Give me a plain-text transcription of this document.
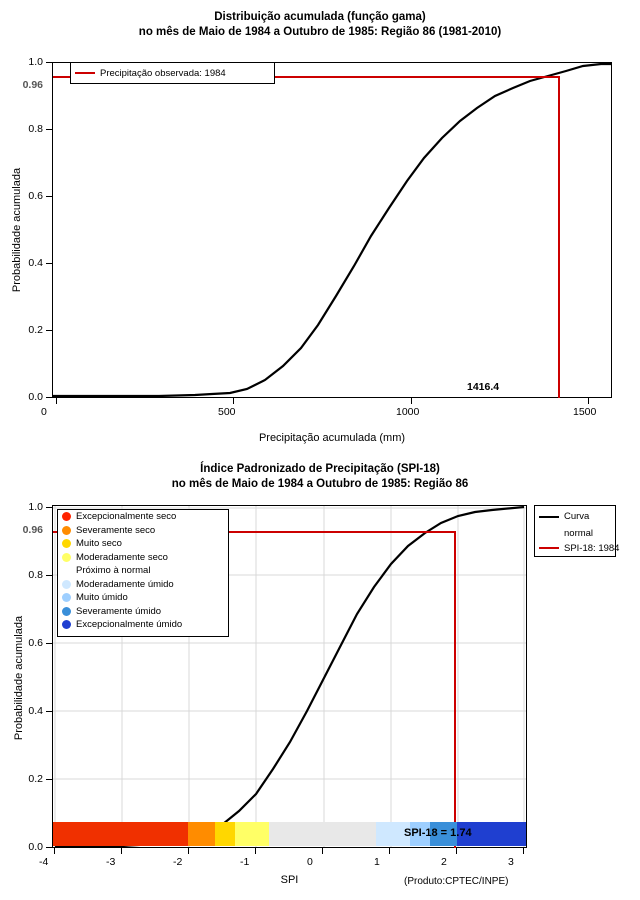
Distribuição acumulada (função gama)
no mês de Maio de 1984 a Outubro de 1985: Região 86 (1981-2010)
0.0
0.2
0.4
0.6
0.8
1.0
0.96
0	500	1000	1500
1416.4
Precipitação observada: 1984
Precipitação acumulada (mm)
Probabilidade acumulada
Índice Padronizado de Precipitação (SPI-18)
no mês de Maio de 1984 a Outubro de 1985: Região 86
0.0
0.2
0.4
0.6
0.8
1.0
0.96
-4	-3	-2	-1	0	1	2	3
SPI-18 = 1.74
Excepcionalmente seco
Severamente seco
Muito seco
Moderadamente seco
Próximo à normal
Moderadamente úmido
Muito úmido
Severamente úmido
Excepcionalmente úmido
Curva
normal
SPI-18: 1984
SPI
Probabilidade acumulada
(Produto:CPTEC/INPE)
